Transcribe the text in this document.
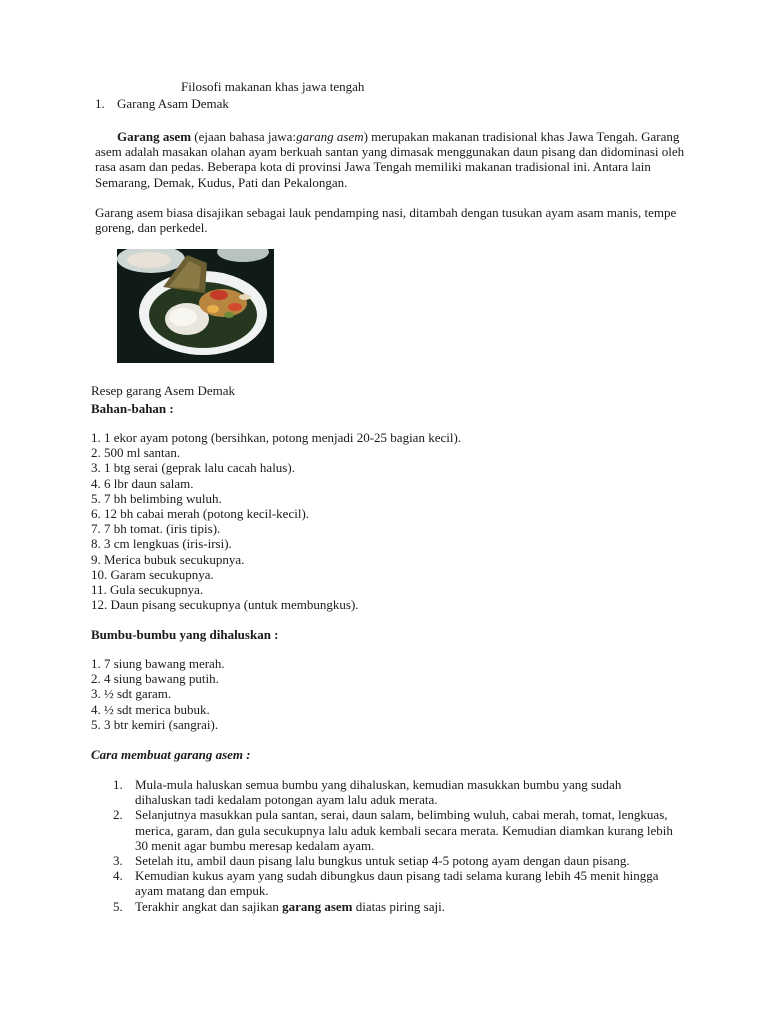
Filosofi makanan khas jawa tengah
1. Garang Asam Demak
Garang asem (ejaan bahasa jawa:garang asem) merupakan makanan tradisional khas Jawa Tengah. Garang asem adalah masakan olahan ayam berkuah santan yang dimasak menggunakan daun pisang dan didominasi oleh rasa asam dan pedas. Beberapa kota di provinsi Jawa Tengah memiliki makanan tradisional ini. Antara lain Semarang, Demak, Kudus, Pati dan Pekalongan.
Garang asem biasa disajikan sebagai lauk pendamping nasi, ditambah dengan tusukan ayam asam manis, tempe goreng, dan perkedel.
Resep garang Asem Demak
Bahan-bahan :
1. 1 ekor ayam potong (bersihkan, potong menjadi 20-25 bagian kecil).
2. 500 ml santan.
3. 1 btg serai (geprak lalu cacah halus).
4. 6 lbr daun salam.
5. 7 bh belimbing wuluh.
6. 12 bh cabai merah (potong kecil-kecil).
7. 7 bh tomat. (iris tipis).
8. 3 cm lengkuas (iris-irsi).
9. Merica bubuk secukupnya.
10. Garam secukupnya.
11. Gula secukupnya.
12. Daun pisang secukupnya (untuk membungkus).
Bumbu-bumbu yang dihaluskan :
1. 7 siung bawang merah.
2. 4 siung bawang putih.
3. ½ sdt garam.
4. ½ sdt merica bubuk.
5. 3 btr kemiri (sangrai).
Cara membuat garang asem :
1. Mula-mula haluskan semua bumbu yang dihaluskan, kemudian masukkan bumbu yang sudah dihaluskan tadi kedalam potongan ayam lalu aduk merata.
2. Selanjutnya masukkan pula santan, serai, daun salam, belimbing wuluh, cabai merah, tomat, lengkuas, merica, garam, dan gula secukupnya lalu aduk kembali secara merata. Kemudian diamkan kurang lebih 30 menit agar bumbu meresap kedalam ayam.
3. Setelah itu, ambil daun pisang lalu bungkus untuk setiap 4-5 potong ayam dengan daun pisang.
4. Kemudian kukus ayam yang sudah dibungkus daun pisang tadi selama kurang lebih 45 menit hingga ayam matang dan empuk.
5. Terakhir angkat dan sajikan garang asem diatas piring saji.
